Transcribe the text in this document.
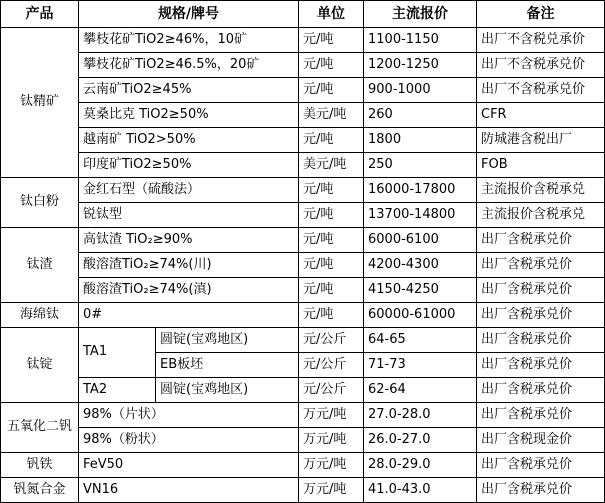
产品	规格/牌号		单位	主流报价	备注
钛精矿	攀枝花矿TiO2≥46%，10矿		元/吨	1100-1150	出厂不含税兑承价
	攀枝花矿TiO2≥46.5%，20矿		元/吨	1200-1250	出厂不含税承兑价
	云南矿TiO2≥45%		元/吨	900-1000	出厂不含税承兑价
	莫桑比克 TiO2≥50%		美元/吨	260	CFR
	越南矿 TiO2>50%		元/吨	1800	防城港含税出厂
	印度矿TiO2≥50%		美元/吨	250	FOB
钛白粉	金红石型（硫酸法）		元/吨	16000-17800	主流报价含税承兑
	锐钛型		元/吨	13700-14800	主流报价含税承兑
钛渣	高钛渣 TiO₂≥90%		元/吨	6000-6100	出厂含税承兑价
	酸溶渣TiO₂≥74%(川)		元/吨	4200-4300	出厂含税承兑价
	酸溶渣TiO₂≥74%(滇)		元/吨	4150-4250	出厂含税承兑价
海绵钛	0#		元/吨	60000-61000	出厂含税承兑价
钛锭	TA1	圆锭(宝鸡地区)	元/公斤	64-65	出厂含税承兑价
		EB板坯	元/公斤	71-73	出厂含税承兑价
	TA2	圆锭(宝鸡地区)	元/公斤	62-64	出厂含税承兑价
五氧化二钒	98%（片状）		万元/吨	27.0-28.0	出厂含税承兑价
	98%（粉状）		万元/吨	26.0-27.0	出厂含税现金价
钒铁	FeV50		万元/吨	28.0-29.0	出厂含税承兑价
钒氮合金	VN16		万元/吨	41.0-43.0	出厂含税承兑价
